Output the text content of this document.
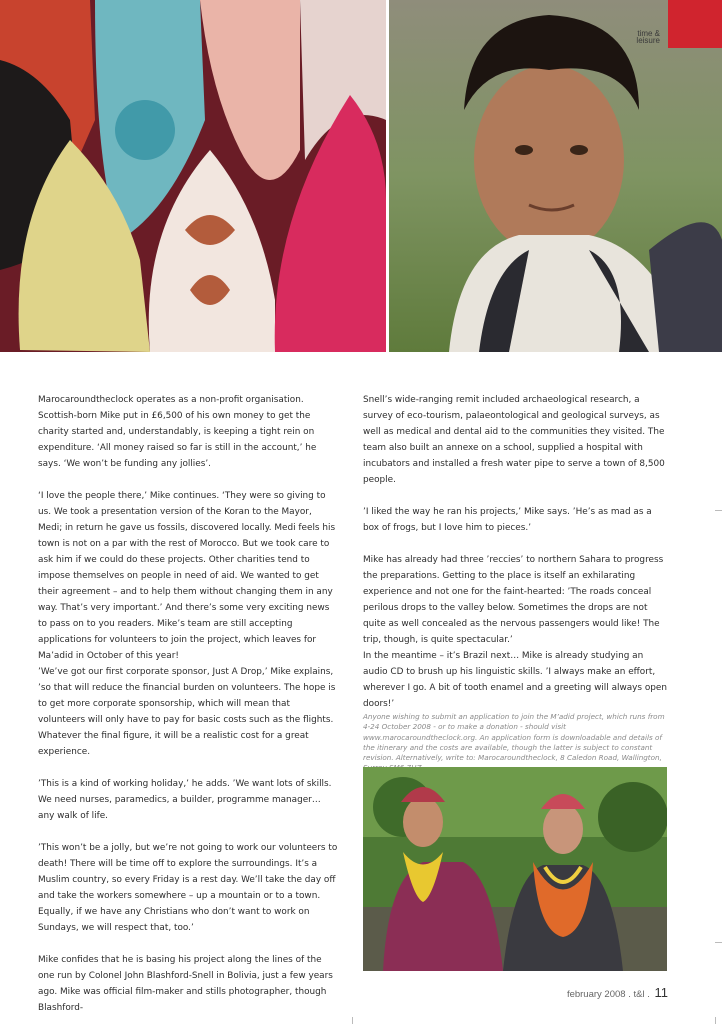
time & leisure

Marocaroundtheclock operates as a non-profit organisation. Scottish-born Mike put in £6,500 of his own money to get the charity started and, understandably, is keeping a tight rein on expenditure. ‘All money raised so far is still in the account,’ he says. ‘We won’t be funding any jollies’.

‘I love the people there,’ Mike continues. ‘They were so giving to us. We took a presentation version of the Koran to the Mayor, Medi; in return he gave us fossils, discovered locally. Medi feels his town is not on a par with the rest of Morocco. But we took care to ask him if we could do these projects. Other charities tend to impose themselves on people in need of aid. We wanted to get their agreement – and to help them without changing them in any way. That’s very important.’ And there’s some very exciting news to pass on to you readers. Mike’s team are still accepting applications for volunteers to join the project, which leaves for Ma’adid in October of this year!

’We’ve got our first corporate sponsor, Just A Drop,’ Mike explains, ’so that will reduce the financial burden on volunteers. The hope is to get more corporate sponsorship, which will mean that volunteers will only have to pay for basic costs such as the flights. Whatever the final figure, it will be a realistic cost for a great experience.

’This is a kind of working holiday,’ he adds. ’We want lots of skills. We need nurses, paramedics, a builder, programme manager… any walk of life.

’This won’t be a jolly, but we’re not going to work our volunteers to death! There will be time off to explore the surroundings. It’s a Muslim country, so every Friday is a rest day. We’ll take the day off and take the workers somewhere – up a mountain or to a town. Equally, if we have any Christians who don’t want to work on Sundays, we will respect that, too.’

Mike confides that he is basing his project along the lines of the one run by Colonel John Blashford-Snell in Bolivia, just a few years ago. Mike was official film-maker and stills photographer, though Blashford-

Snell’s wide-ranging remit included archaeological research, a survey of eco-tourism, palaeontological and geological surveys, as well as medical and dental aid to the communities they visited. The team also built an annexe on a school, supplied a hospital with incubators and installed a fresh water pipe to serve a town of 8,500 people.

’I liked the way he ran his projects,’ Mike says. ’He’s as mad as a box of frogs, but I love him to pieces.’

Mike has already had three ’reccies’ to northern Sahara to progress the preparations. Getting to the place is itself an exhilarating experience and not one for the faint-hearted: ’The roads conceal perilous drops to the valley below. Sometimes the drops are not quite as well concealed as the nervous passengers would like! The trip, though, is quite spectacular.’

In the meantime – it’s Brazil next… Mike is already studying an audio CD to brush up his linguistic skills. ’I always make an effort, wherever I go. A bit of tooth enamel and a greeting will always open doors!’

Anyone wishing to submit an application to join the M’adid project, which runs from 4-24 October 2008 - or to make a donation - should visit www.marocaroundtheclock.org. An application form is downloadable and details of the itinerary and the costs are available, though the latter is subject to constant revision. Alternatively, write to: Marocaroundtheclock, 8 Caledon Road, Wallington,

february 2008 . t&l . 11
